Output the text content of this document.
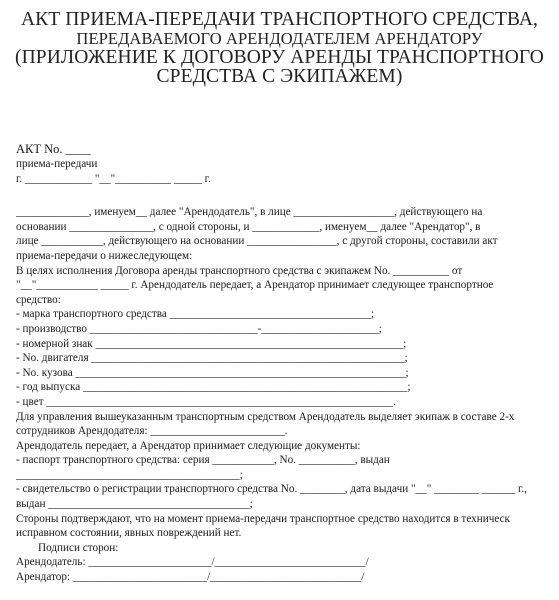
АКТ ПРИЕМА-ПЕРЕДАЧИ ТРАНСПОРТНОГО СРЕДСТВА,
ПЕРЕДАВАЕМОГО АРЕНДОДАТЕЛЕМ АРЕНДАТОРУ
(ПРИЛОЖЕНИЕ К ДОГОВОРУ АРЕНДЫ ТРАНСПОРТНОГО
СРЕДСТВА С ЭКИПАЖЕМ)
АКТ No. ____
приема-передачи
г. ____________ "__"__________ _____ г.
_____________, именуем__ далее "Арендодатель", в лице __________________, действующего на
основании _______________, с одной стороны, и ____________, именуем__ далее "Арендатор", в
лице ___________, действующего на основании ________________, с другой стороны, составили акт
приема-передачи о нижеследующем:
В целях исполнения Договора аренды транспортного средства с экипажем No. __________ от
"__"___________ _____ г. Арендодатель передает, а Арендатор принимает следующее транспортное
средство:
- марка транспортного средства ____________________________________;
- производство ______________________________-_____________________;
- номерной знак _______________________________________________________;
- No. двигателя ________________________________________________________;
- No. кузова ___________________________________________________________;
- год выпуска __________________________________________________________;
- цвет ______________________________________________________________.
Для управления вышеуказанным транспортным средством Арендодатель выделяет экипаж в составе 2-х
сотрудников Арендодателя: ________________________.
Арендодатель передает, а Арендатор принимает следующие документы:
- паспорт транспортного средства: серия ___________, No. __________, выдан
________________________________________;
- свидетельство о регистрации транспортного средства No. ________, дата выдачи "__" ________ ______ г.,
выдан ____________________________________;
Стороны подтверждают, что на момент приема-передачи транспортное средство находится в техническ
исправном состоянии, явных повреждений нет.
Подписи сторон:
Арендодатель: ______________________/___________________________/
Арендатор: ________________________/___________________________/
